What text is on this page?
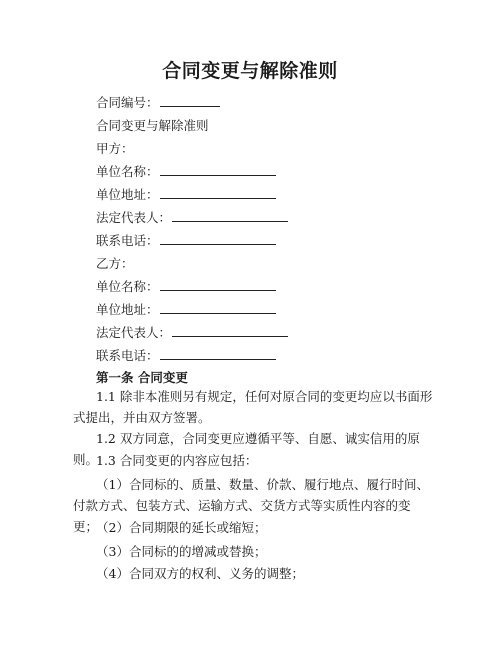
合同变更与解除准则
合同编号：
合同变更与解除准则
甲方：
单位名称：
单位地址：
法定代表人：
联系电话：
乙方：
单位名称：
单位地址：
法定代表人：
联系电话：
第一条 合同变更
1.1 除非本准则另有规定，任何对原合同的变更均应以书面形式提出，并由双方签署。
1.2 双方同意，合同变更应遵循平等、自愿、诚实信用的原则。
1.3 合同变更的内容应包括：
（1）合同标的、质量、数量、价款、履行地点、履行时间、付款方式、包装方式、运输方式、交货方式等实质性内容的变更；
（2）合同期限的延长或缩短；
（3）合同标的的增减或替换；
（4）合同双方的权利、义务的调整；
